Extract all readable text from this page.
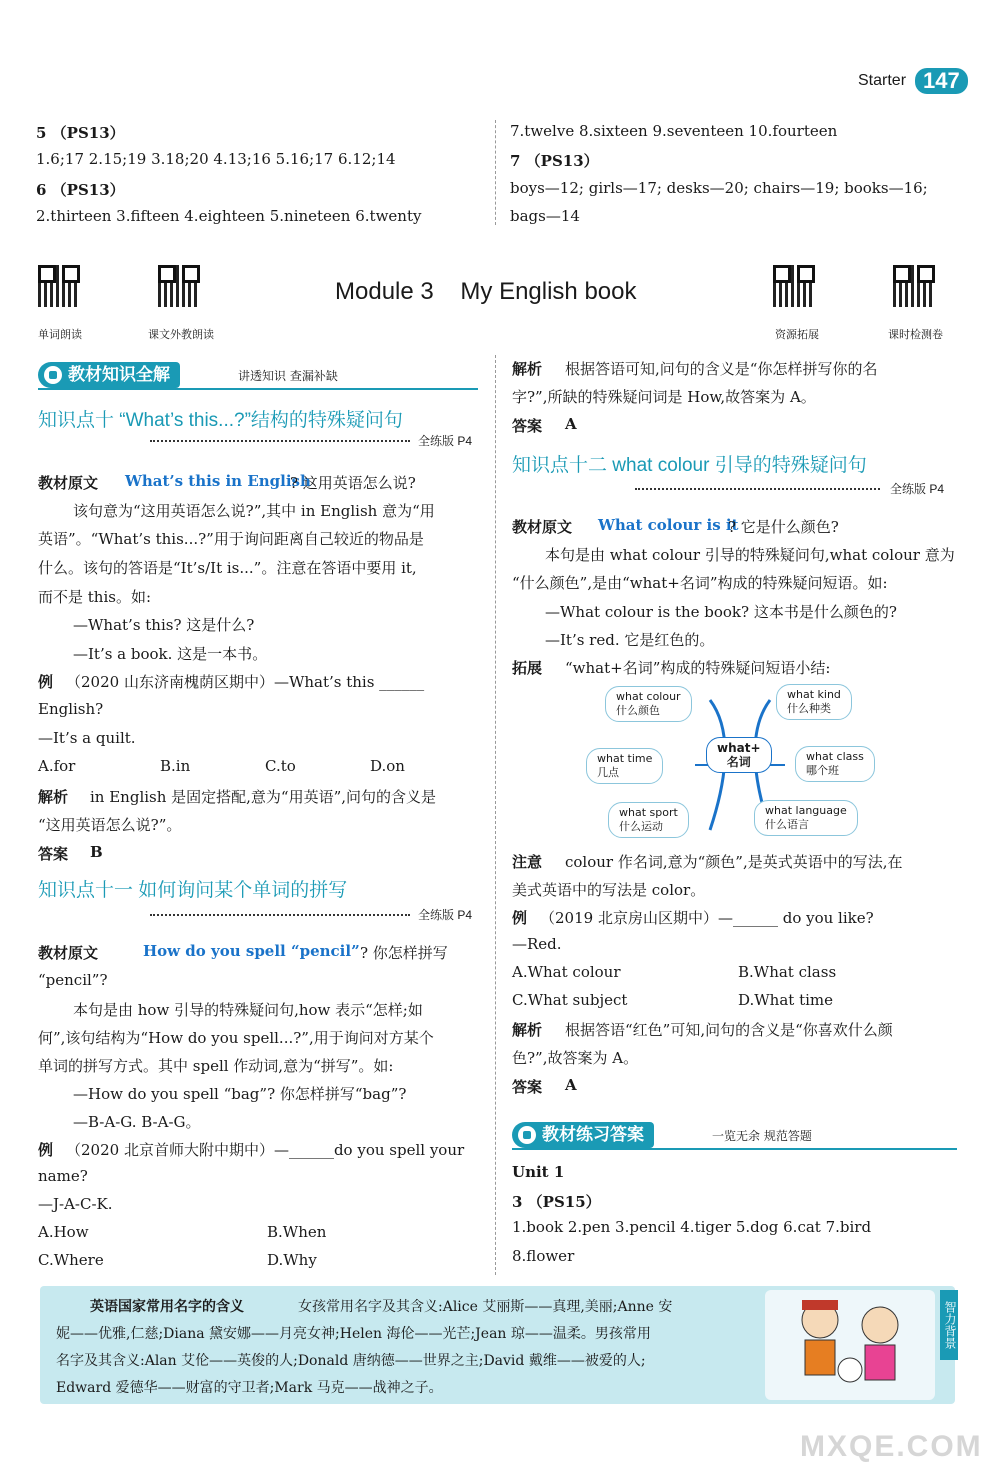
Starter 147
5 （PS13）
1.6;17 2.15;19 3.18;20 4.13;16 5.16;17 6.12;14
6 （PS13）
2.thirteen 3.fifteen 4.eighteen 5.nineteen 6.twenty
7.twelve 8.sixteen 9.seventeen 10.fourteen
7 （PS13）
boys—12; girls—17; desks—20; chairs—19; books—16;
bags—14
单词朗读	课文外教朗读	资源拓展	课时检测卷
Module 3    My English book
教材知识全解	讲透知识 查漏补缺
知识点十 “What’s this...?”结构的特殊疑问句
全练版 P4
教材原文 What’s this in English
? 这用英语怎么说?
该句意为“这用英语怎么说?”,其中 in English 意为“用
英语”。“What’s this...?”用于询问距离自己较近的物品是
什么。该句的答语是“It’s/It is...”。注意在答语中要用 it,
而不是 this。如:
—What’s this? 这是什么?
—It’s a book. 这是一本书。
例 （2020 山东济南槐荫区期中）—What’s this ______
English?
—It’s a quilt.
A.for	B.in	C.to	D.on
解析 in English 是固定搭配,意为“用英语”,问句的含义是
“这用英语怎么说?”。
答案 B
知识点十一 如何询问某个单词的拼写
全练版 P4
教材原文	How do you spell “pencil” ? 你怎样拼写
“pencil”?
本句是由 how 引导的特殊疑问句,how 表示“怎样;如
何”,该句结构为“How do you spell...?”,用于询问对方某个
单词的拼写方式。其中 spell 作动词,意为“拼写”。如:
—How do you spell “bag”? 你怎样拼写“bag”?
—B-A-G. B-A-G。
例 （2020 北京首师大附中期中）—______do you spell your
name?
—J-A-C-K.
A.How	B.When
C.Where	D.Why
解析 根据答语可知,问句的含义是“你怎样拼写你的名
字?”,所缺的特殊疑问词是 How,故答案为 A。
答案 A
知识点十二 what colour 引导的特殊疑问句
全练版 P4
教材原文 What colour is it
? 它是什么颜色?
本句是由 what colour 引导的特殊疑问句,what colour 意为
“什么颜色”,是由“what+名词”构成的特殊疑问短语。如:
—What colour is the book? 这本书是什么颜色的?
—It’s red. 它是红色的。
拓展 “what+名词”构成的特殊疑问短语小结:
what+
名词
what colour
什么颜色
what kind
什么种类
what time
几点
what class
哪个班
what sport
什么运动
what language
什么语言
注意 colour 作名词,意为“颜色”,是英式英语中的写法,在
美式英语中的写法是 color。
例 （2019 北京房山区期中）—______ do you like?
—Red.
A.What colour	B.What class
C.What subject	D.What time
解析 根据答语“红色”可知,问句的含义是“你喜欢什么颜
色?”,故答案为 A。
答案 A
教材练习答案	一览无余 规范答题
Unit 1
3 （PS15）
1.book 2.pen 3.pencil 4.tiger 5.dog 6.cat 7.bird
8.flower
英语国家常用名字的含义	女孩常用名字及其含义:Alice 艾丽斯——真理,美丽;Anne 安
妮——优雅,仁慈;Diana 黛安娜——月亮女神;Helen 海伦——光芒;Jean 琼——温柔。男孩常用
名字及其含义:Alan 艾伦——英俊的人;Donald 唐纳德——世界之主;David 戴维——被爱的人;
Edward 爱德华——财富的守卫者;Mark 马克——战神之子。
智力背景
MXQE.COM
